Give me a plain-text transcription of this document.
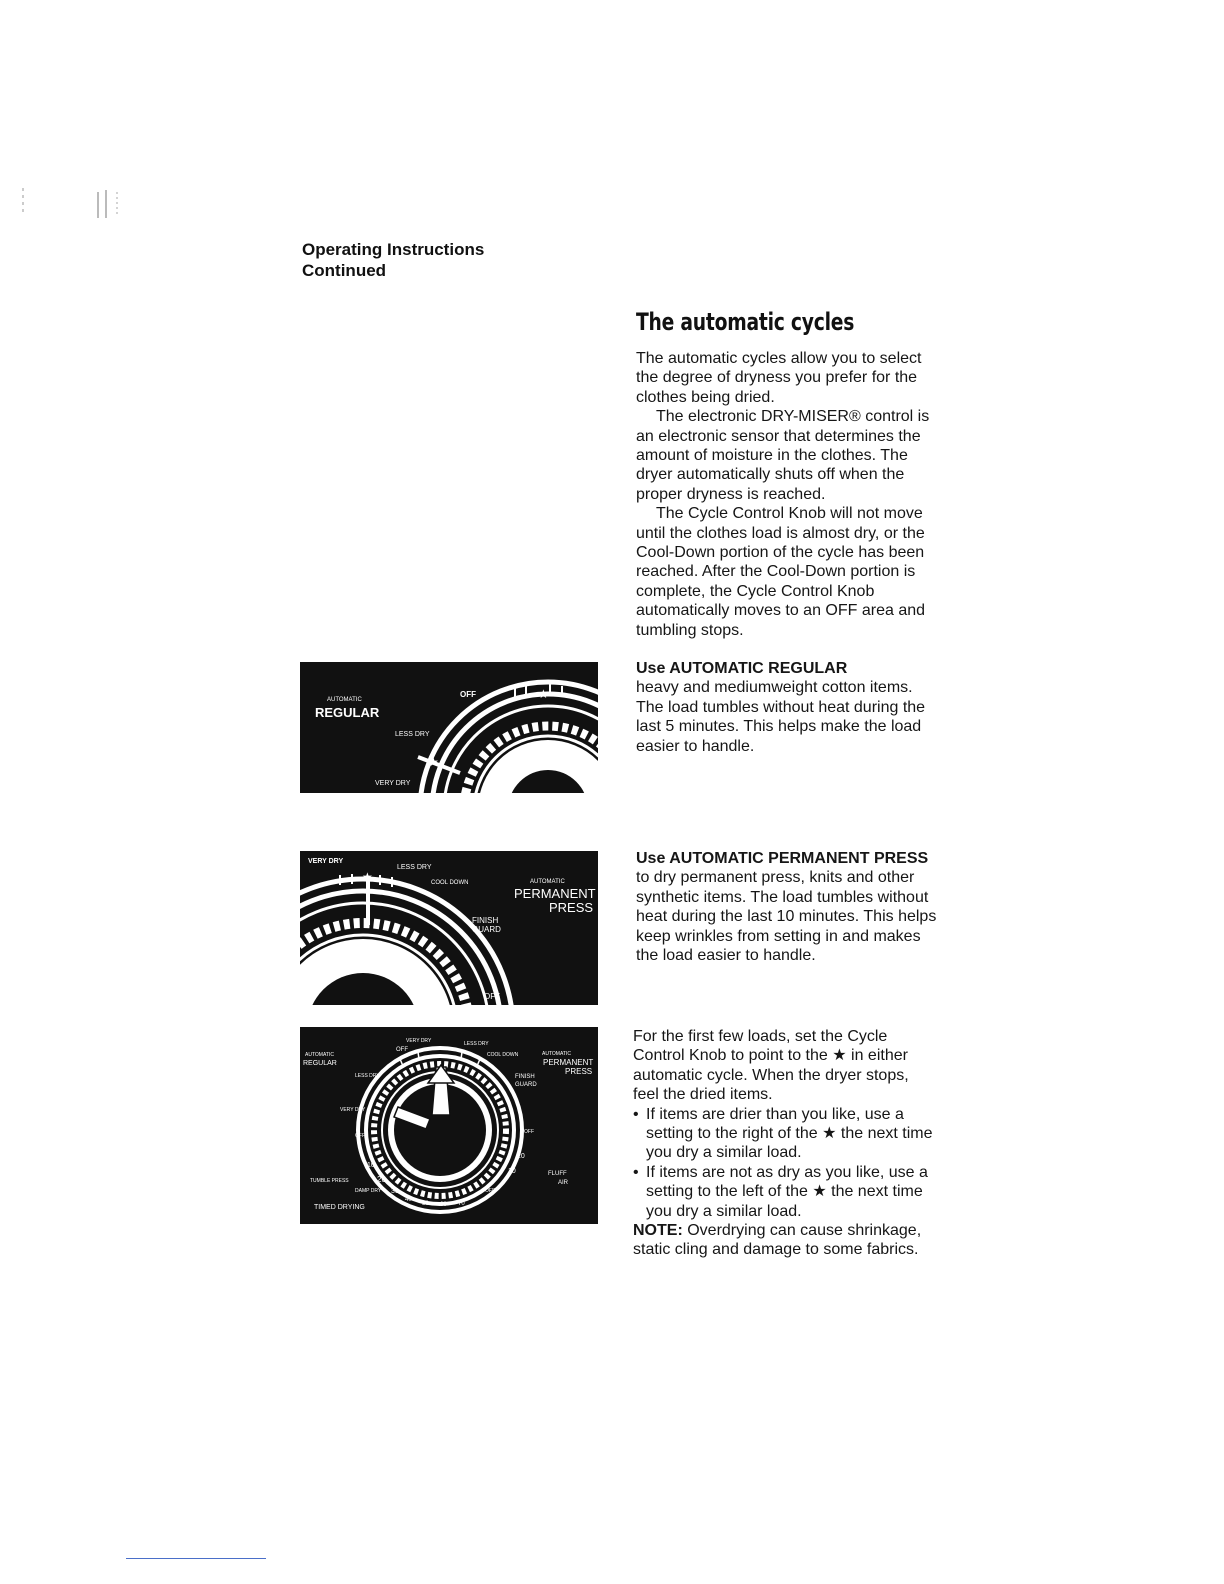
Operating Instructions
Continued
The automatic cycles

The automatic cycles allow you to select the degree of dryness you prefer for the clothes being dried.

The electronic DRY-MISER® control is an electronic sensor that determines the amount of moisture in the clothes. The dryer automatically shuts off when the proper dryness is reached.

The Cycle Control Knob will not move until the clothes load is almost dry, or the Cool-Down portion of the cycle has been reached. After the Cool-Down portion is complete, the Cycle Control Knob automatically moves to an OFF area and tumbling stops.

Use AUTOMATIC REGULAR
heavy and mediumweight cotton items. The load tumbles without heat during the last 5 minutes. This helps make the load easier to handle.

Use AUTOMATIC PERMANENT PRESS to dry permanent press, knits and other synthetic items. The load tumbles without heat during the last 10 minutes. This helps keep wrinkles from setting in and makes the load easier to handle.

For the first few loads, set the Cycle Control Knob to point to the ★ in either automatic cycle. When the dryer stops, feel the dried items.

• If items are drier than you like, use a setting to the right of the ★ the next time you dry a similar load.
• If items are not as dry as you like, use a setting to the left of the ★ the next time you dry a similar load.

NOTE: Overdrying can cause shrinkage, static cling and damage to some fabrics.

★
★
AUTOMATIC
REGULAR
OFF
LESS DRY
VERY DRY
★
VERY DRY
LESS DRY
COOL DOWN	AUTOMATIC
PERMANENT
PRESS
FINISH
GUARD
OFF
AUTOMATIC
REGULAR
OFF
VERY DRY	LESS DRY
COOL DOWN	AUTOMATIC
PERMANENT
PRESS
LESS DRY	FINISH
GUARD
VERY DRY
OFF
OFF
10
TUMBLE PRESS	20
DAMP DRY 30
40
50 60 70
20
10
OFF
FLUFF
AIR
TIMED DRYING
